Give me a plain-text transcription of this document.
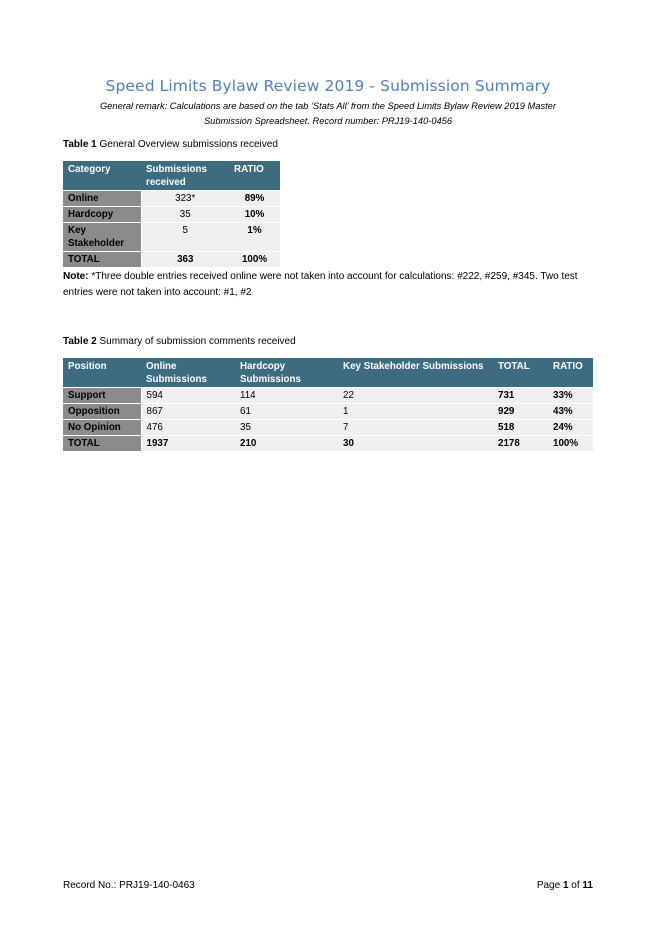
Speed Limits Bylaw Review 2019 - Submission Summary
General remark: Calculations are based on the tab ‘Stats All’ from the Speed Limits Bylaw Review 2019 Master
Submission Spreadsheet. Record number: PRJ19-140-0456
Table 1 General Overview submissions received
Category	Submissions received	RATIO
Online	323*	89%
Hardcopy	35	10%
Key Stakeholder	5	1%
TOTAL	363	100%
Note: *Three double entries received online were not taken into account for calculations: #222, #259, #345. Two test entries were not taken into account: #1, #2
Table 2 Summary of submission comments received
Position	Online Submissions	Hardcopy Submissions	Key Stakeholder Submissions	TOTAL	RATIO
Support	594	114	22	731	33%
Opposition	867	61	1	929	43%
No Opinion	476	35	7	518	24%
TOTAL	1937	210	30	2178	100%
Record No.: PRJ19-140-0463	Page 1 of 11
